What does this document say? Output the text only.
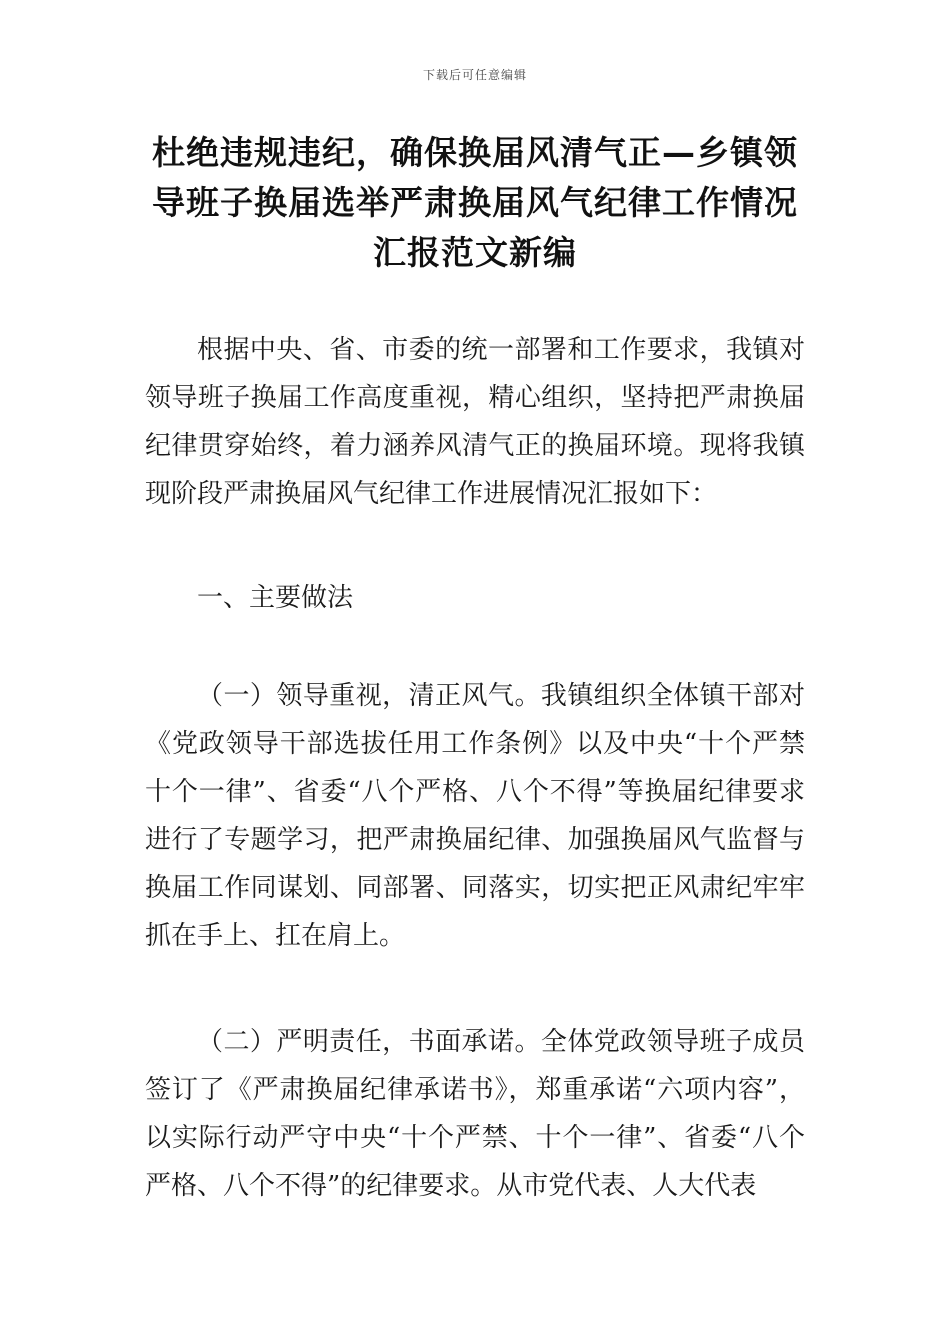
下载后可任意编辑
杜绝违规违纪，确保换届风清气正—乡镇领导班子换届选举严肃换届风气纪律工作情况汇报范文新编

根据中央、省、市委的统一部署和工作要求，我镇对领导班子换届工作高度重视，精心组织，坚持把严肃换届纪律贯穿始终，着力涵养风清气正的换届环境。现将我镇现阶段严肃换届风气纪律工作进展情况汇报如下：

一、主要做法

（一）领导重视，清正风气。我镇组织全体镇干部对《党政领导干部选拔任用工作条例》以及中央“十个严禁十个一律”、省委“八个严格、八个不得”等换届纪律要求进行了专题学习，把严肃换届纪律、加强换届风气监督与换届工作同谋划、同部署、同落实，切实把正风肃纪牢牢抓在手上、扛在肩上。

（二）严明责任，书面承诺。全体党政领导班子成员签订了《严肃换届纪律承诺书》，郑重承诺“六项内容”，以实际行动严守中央“十个严禁、十个一律”、省委“八个严格、八个不得”的纪律要求。从市党代表、人大代表
